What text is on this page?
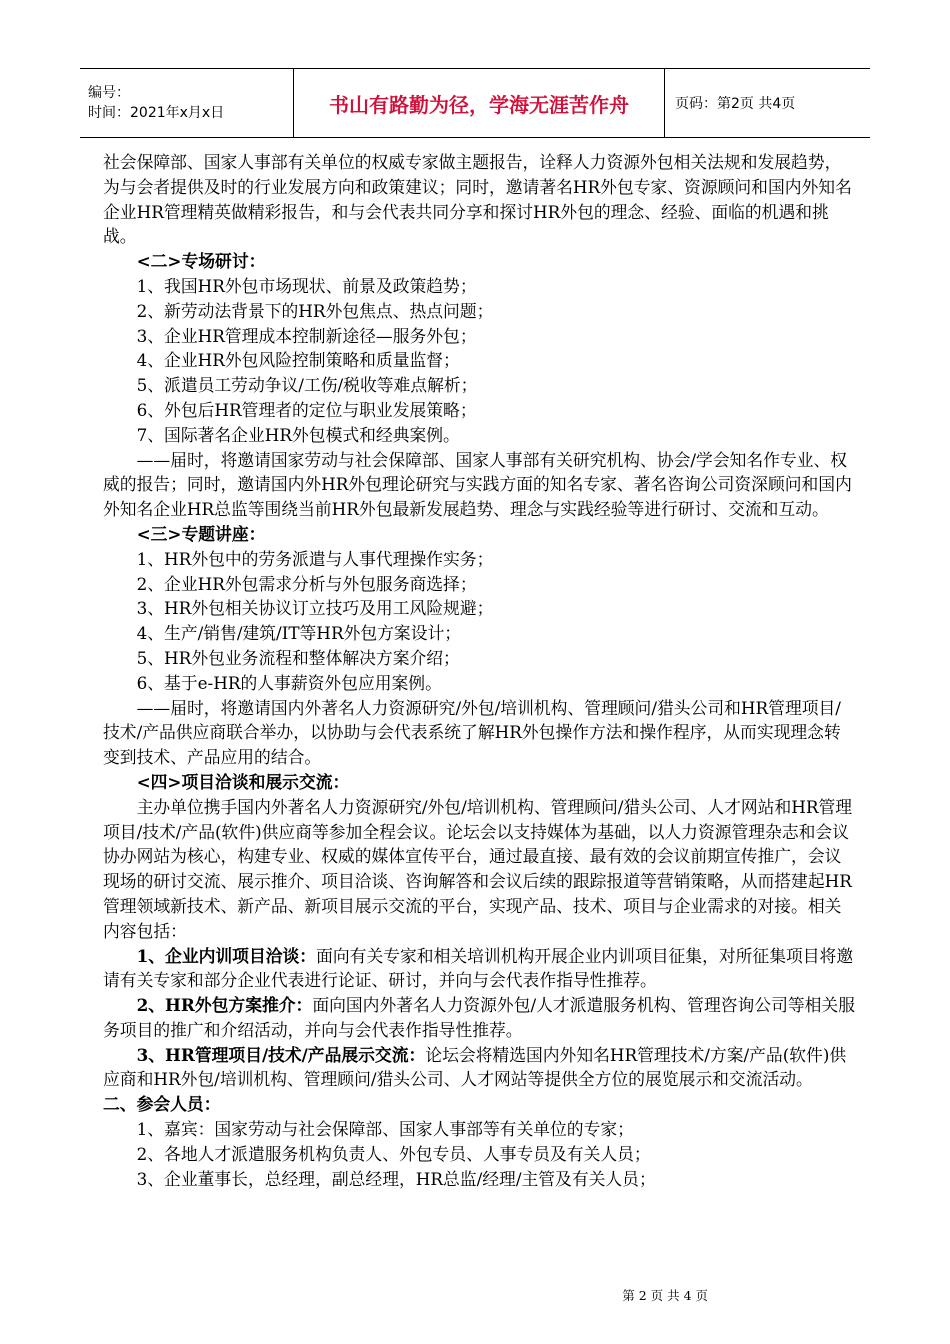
编号：
时间：2021年x月x日	书山有路勤为径，学海无涯苦作舟	页码：第2页 共4页

社会保障部、国家人事部有关单位的权威专家做主题报告，诠释人力资源外包相关法规和发展趋势，为与会者提供及时的行业发展方向和政策建议；同时，邀请著名HR外包专家、资源顾问和国内外知名企业HR管理精英做精彩报告，和与会代表共同分享和探讨HR外包的理念、经验、面临的机遇和挑战。

<二>专场研讨：

1、我国HR外包市场现状、前景及政策趋势；

2、新劳动法背景下的HR外包焦点、热点问题；

3、企业HR管理成本控制新途径—服务外包；

4、企业HR外包风险控制策略和质量监督；

5、派遣员工劳动争议/工伤/税收等难点解析；

6、外包后HR管理者的定位与职业发展策略；

7、国际著名企业HR外包模式和经典案例。

——届时，将邀请国家劳动与社会保障部、国家人事部有关研究机构、协会/学会知名作专业、权威的报告；同时，邀请国内外HR外包理论研究与实践方面的知名专家、著名咨询公司资深顾问和国内外知名企业HR总监等围绕当前HR外包最新发展趋势、理念与实践经验等进行研讨、交流和互动。

<三>专题讲座：

1、HR外包中的劳务派遣与人事代理操作实务；

2、企业HR外包需求分析与外包服务商选择；

3、HR外包相关协议订立技巧及用工风险规避；

4、生产/销售/建筑/IT等HR外包方案设计；

5、HR外包业务流程和整体解决方案介绍；

6、基于e-HR的人事薪资外包应用案例。

——届时，将邀请国内外著名人力资源研究/外包/培训机构、管理顾问/猎头公司和HR管理项目/技术/产品供应商联合举办，以协助与会代表系统了解HR外包操作方法和操作程序，从而实现理念转变到技术、产品应用的结合。

<四>项目洽谈和展示交流：

主办单位携手国内外著名人力资源研究/外包/培训机构、管理顾问/猎头公司、人才网站和HR管理项目/技术/产品(软件)供应商等参加全程会议。论坛会以支持媒体为基础，以人力资源管理杂志和会议协办网站为核心，构建专业、权威的媒体宣传平台，通过最直接、最有效的会议前期宣传推广，会议现场的研讨交流、展示推介、项目洽谈、咨询解答和会议后续的跟踪报道等营销策略，从而搭建起HR管理领域新技术、新产品、新项目展示交流的平台，实现产品、技术、项目与企业需求的对接。相关内容包括：

1、企业内训项目洽谈：面向有关专家和相关培训机构开展企业内训项目征集，对所征集项目将邀请有关专家和部分企业代表进行论证、研讨，并向与会代表作指导性推荐。

2、HR外包方案推介：面向国内外著名人力资源外包/人才派遣服务机构、管理咨询公司等相关服务项目的推广和介绍活动，并向与会代表作指导性推荐。

3、HR管理项目/技术/产品展示交流：论坛会将精选国内外知名HR管理技术/方案/产品(软件)供应商和HR外包/培训机构、管理顾问/猎头公司、人才网站等提供全方位的展览展示和交流活动。

二、参会人员：

1、嘉宾：国家劳动与社会保障部、国家人事部等有关单位的专家；

2、各地人才派遣服务机构负责人、外包专员、人事专员及有关人员；

3、企业董事长，总经理，副总经理，HR总监/经理/主管及有关人员；

第 2 页 共 4 页
